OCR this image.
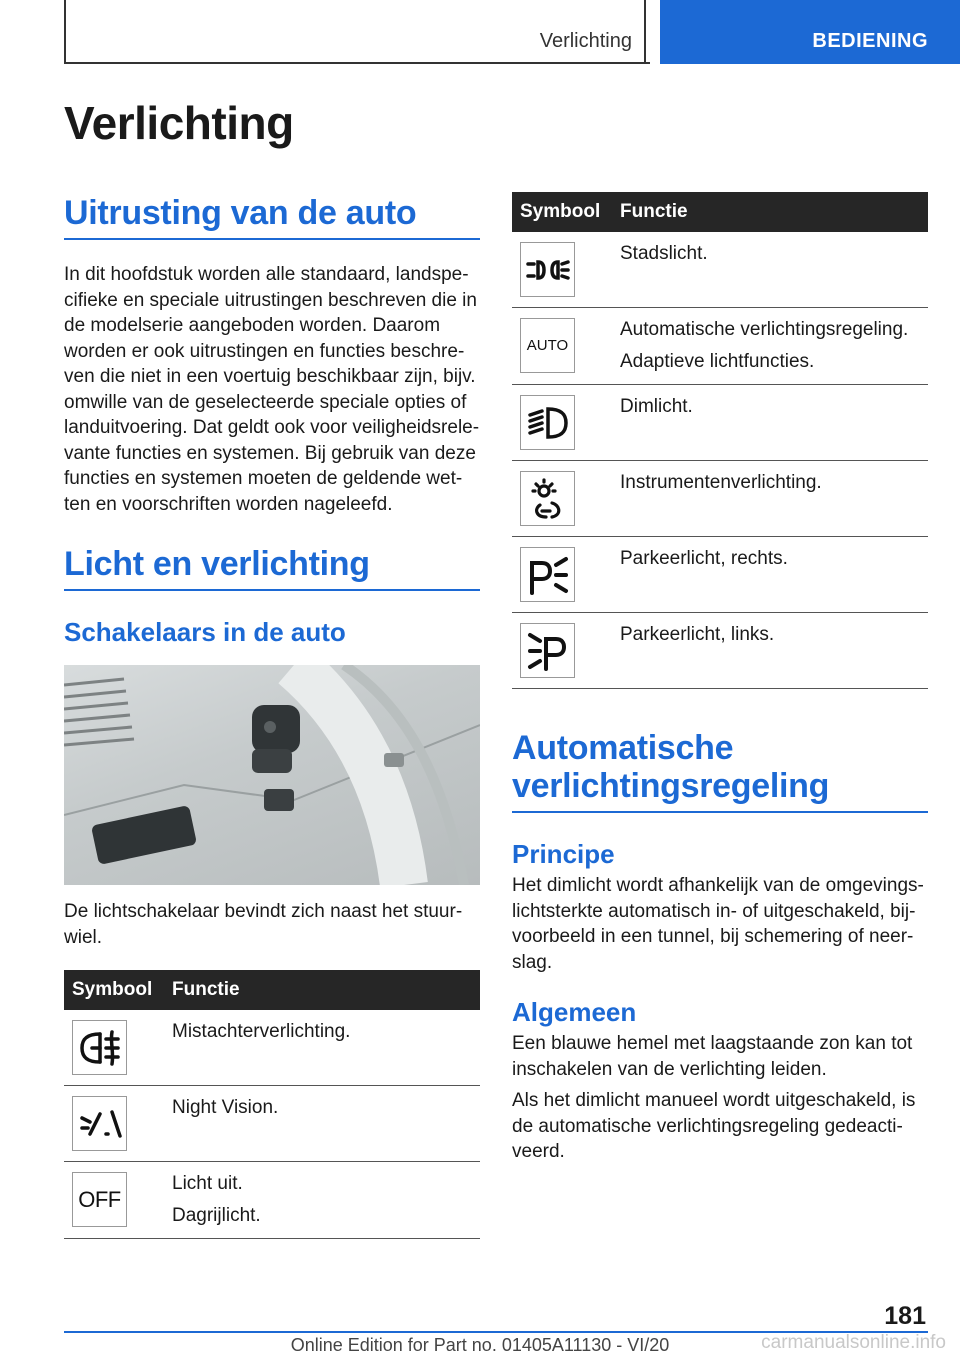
Verlichting	BEDIENING
Verlichting
Uitrusting van de auto

In dit hoofdstuk worden alle standaard, landspe-cifieke en speciale uitrustingen beschreven die in de modelserie aangeboden worden. Daarom worden er ook uitrustingen en functies beschre-ven die niet in een voertuig beschikbaar zijn, bijv. omwille van de geselecteerde speciale opties of landuitvoering. Dat geldt ook voor veiligheidsrele-vante functies en systemen. Bij gebruik van deze functies en systemen moeten de geldende wet-ten en voorschriften worden nageleefd.

Licht en verlichting
Schakelaars in de auto

De lichtschakelaar bevindt zich naast het stuur-wiel.

Symbool	Functie

Mistachterverlichting.

Night Vision.

OFF	Licht uit.
Dagrijlicht.
Symbool	Functie

Stadslicht.

AUTO	Automatische verlichtingsregeling.
Adaptieve lichtfuncties.

Dimlicht.

Instrumentenverlichting.

Parkeerlicht, rechts.

Parkeerlicht, links.
Automatische verlichtingsregeling
Principe

Het dimlicht wordt afhankelijk van de omgevings-lichtsterkte automatisch in- of uitgeschakeld, bij-voorbeeld in een tunnel, bij schemering of neer-slag.

Algemeen

Een blauwe hemel met laagstaande zon kan tot inschakelen van de verlichting leiden.

Als het dimlicht manueel wordt uitgeschakeld, is de automatische verlichtingsregeling gedeacti-veerd.

181
Online Edition for Part no. 01405A11130 - VI/20	carmanualsonline.info
